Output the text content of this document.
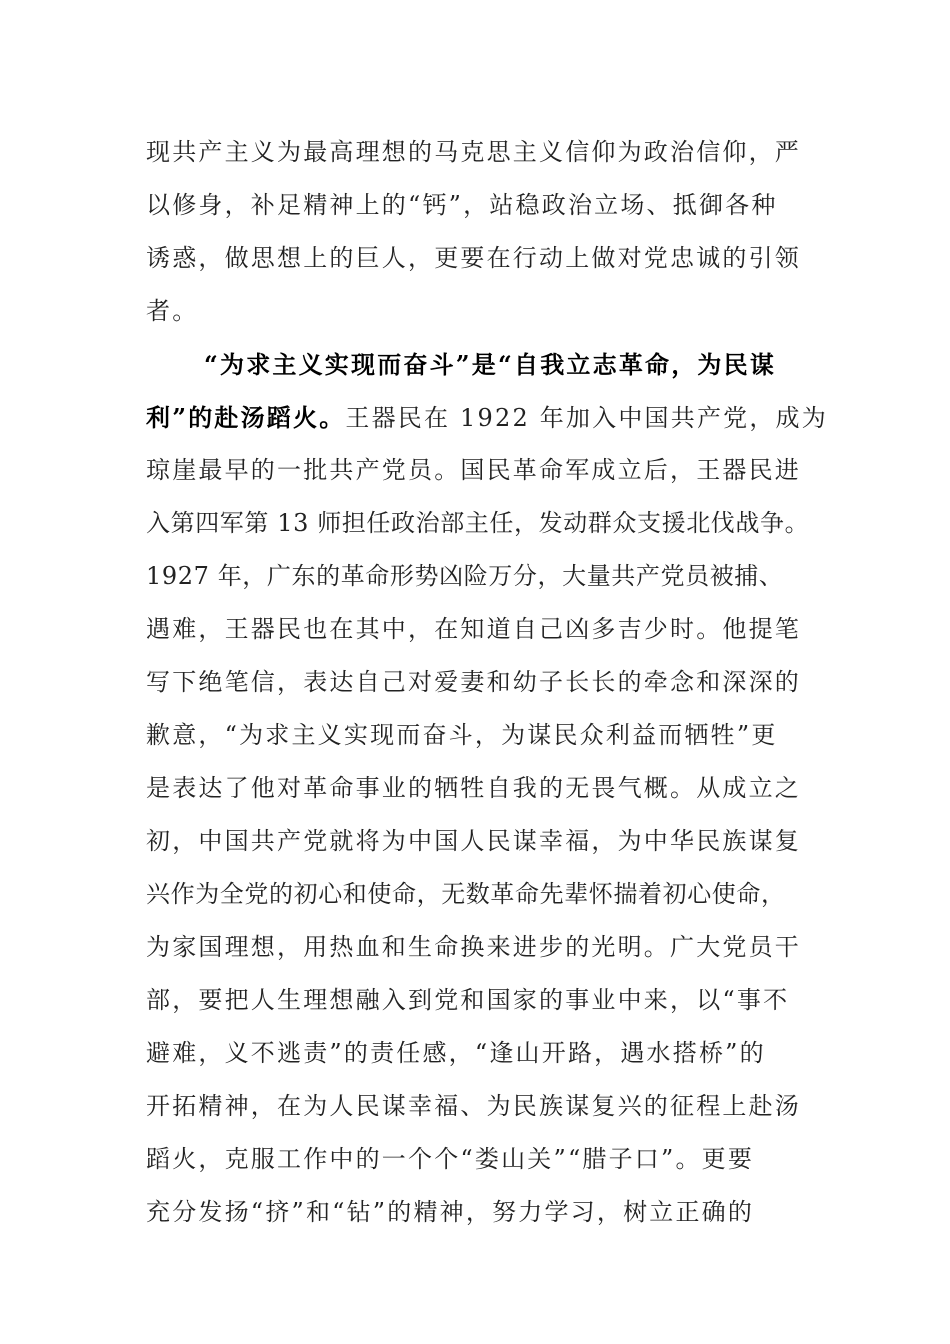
现共产主义为最高理想的马克思主义信仰为政治信仰，严
以修身，补足精神上的“钙”，站稳政治立场、抵御各种
诱惑，做思想上的巨人，更要在行动上做对党忠诚的引领
者。
“为求主义实现而奋斗”是“自我立志革命，为民谋
利”的赴汤蹈火。王器民在 1922 年加入中国共产党，成为
琼崖最早的一批共产党员。国民革命军成立后，王器民进
入第四军第 13 师担任政治部主任，发动群众支援北伐战争。
1927 年，广东的革命形势凶险万分，大量共产党员被捕、
遇难，王器民也在其中，在知道自己凶多吉少时。他提笔
写下绝笔信，表达自己对爱妻和幼子长长的牵念和深深的
歉意，“为求主义实现而奋斗，为谋民众利益而牺牲”更
是表达了他对革命事业的牺牲自我的无畏气概。从成立之
初，中国共产党就将为中国人民谋幸福，为中华民族谋复
兴作为全党的初心和使命，无数革命先辈怀揣着初心使命，
为家国理想，用热血和生命换来进步的光明。广大党员干
部，要把人生理想融入到党和国家的事业中来，以“事不
避难，义不逃责”的责任感，“逢山开路，遇水搭桥”的
开拓精神，在为人民谋幸福、为民族谋复兴的征程上赴汤
蹈火，克服工作中的一个个“娄山关”“腊子口”。更要
充分发扬“挤”和“钻”的精神，努力学习，树立正确的
